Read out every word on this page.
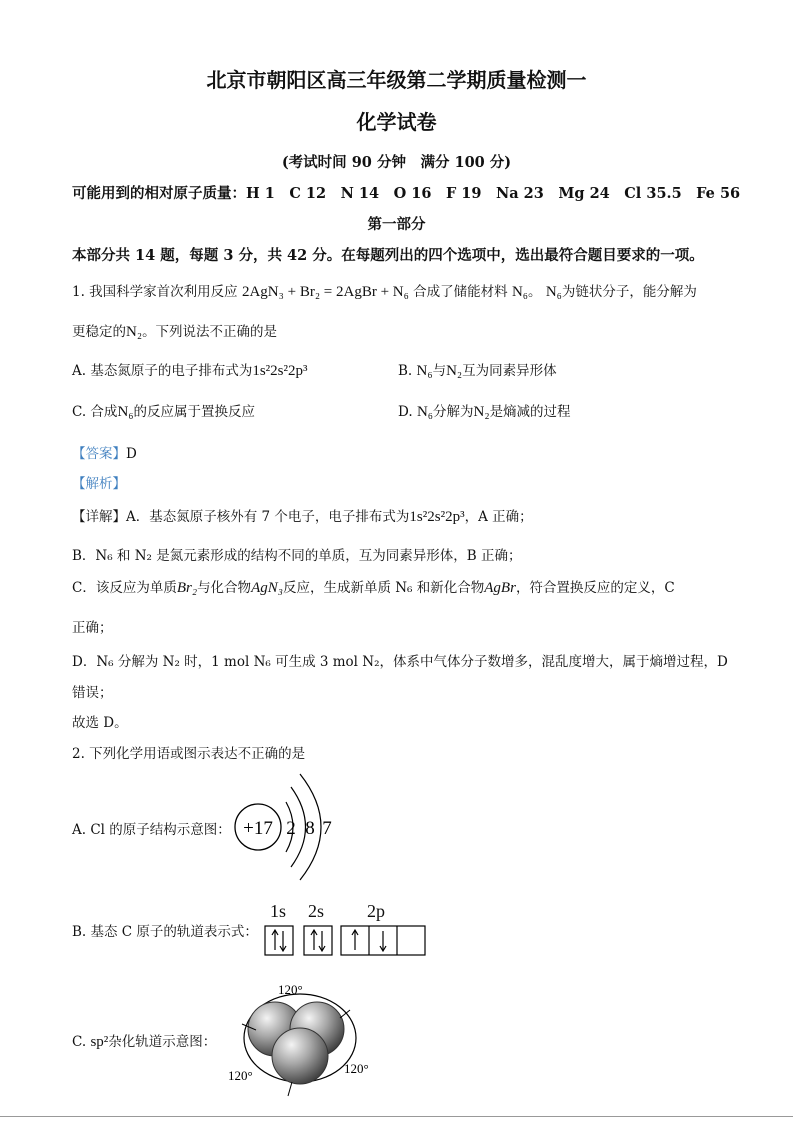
北京市朝阳区高三年级第二学期质量检测一
化学试卷
(考试时间 90 分钟　满分 100 分)
可能用到的相对原子质量：H 1　C 12　N 14　O 16　F 19　Na 23　Mg 24　Cl 35.5　Fe 56
第一部分
本部分共 14 题，每题 3 分，共 42 分。在每题列出的四个选项中，选出最符合题目要求的一项。
1. 我国科学家首次利用反应 2AgN₃ + Br₂ = 2AgBr + N₆ 合成了储能材料 N₆。 N₆为链状分子，能分解为
更稳定的N₂。下列说法不正确的是
A. 基态氮原子的电子排布式为1s²2s²2p³	B. N₆与N₂互为同素异形体
C. 合成N₆的反应属于置换反应	D. N₆分解为N₂是熵减的过程
【答案】D
【解析】
【详解】A．基态氮原子核外有 7 个电子，电子排布式为1s²2s²2p³，A 正确；
B．N₆ 和 N₂ 是氮元素形成的结构不同的单质，互为同素异形体，B 正确；
C．该反应为单质Br₂与化合物AgN₃反应，生成新单质 N₆ 和新化合物AgBr，符合置换反应的定义，C
正确；
D．N₆ 分解为 N₂ 时，1 mol N₆ 可生成 3 mol N₂，体系中气体分子数增多，混乱度增大，属于熵增过程，D
错误；
故选 D。
2. 下列化学用语或图示表达不正确的是
A. Cl 的原子结构示意图： +17 2 8 7
B. 基态 C 原子的轨道表示式：
1s 2s 2p
C. sp²杂化轨道示意图：
120°
120°	120°
